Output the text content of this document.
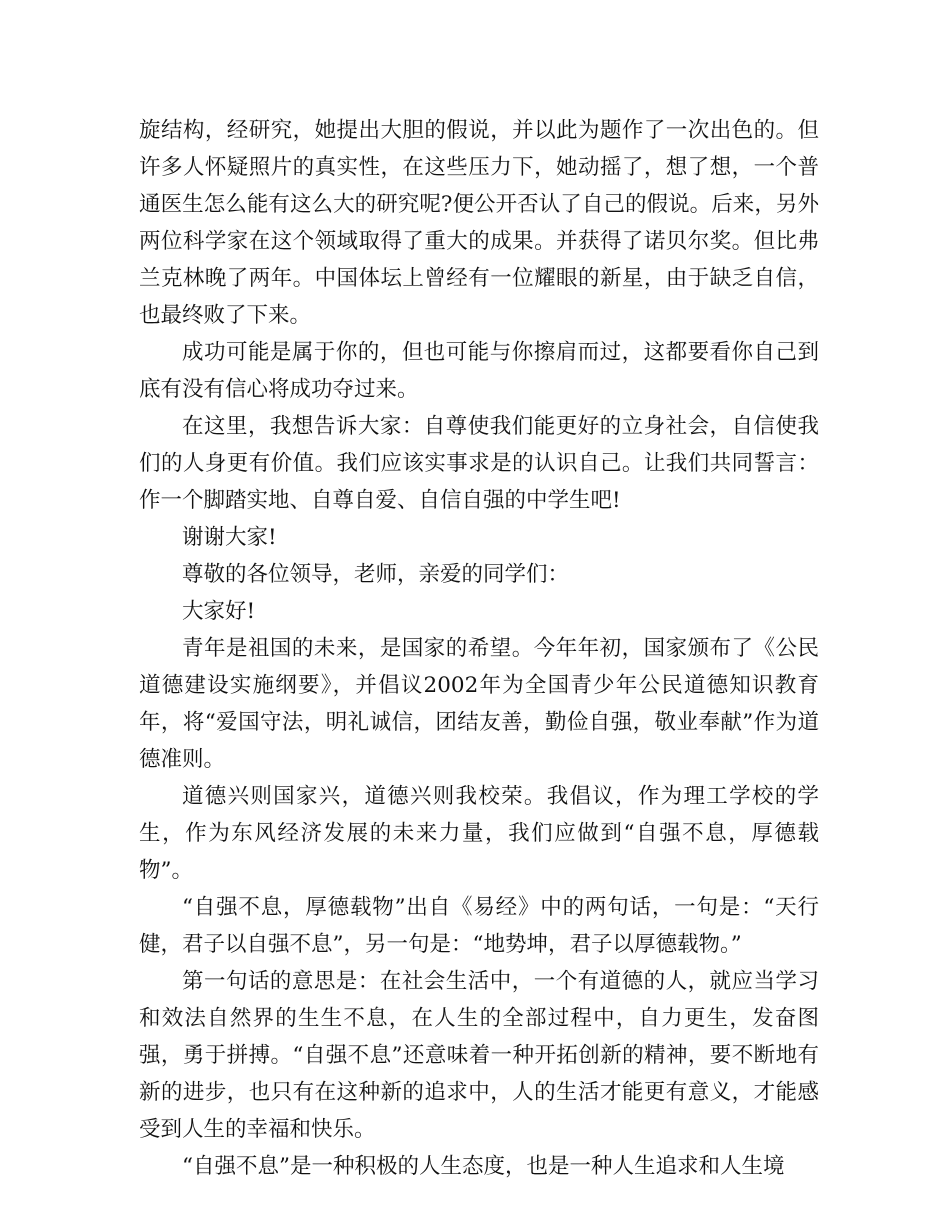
旋结构，经研究，她提出大胆的假说，并以此为题作了一次出色的。但许多人怀疑照片的真实性，在这些压力下，她动摇了，想了想，一个普通医生怎么能有这么大的研究呢?便公开否认了自己的假说。后来，另外两位科学家在这个领域取得了重大的成果。并获得了诺贝尔奖。但比弗兰克林晚了两年。中国体坛上曾经有一位耀眼的新星，由于缺乏自信，也最终败了下来。

成功可能是属于你的，但也可能与你擦肩而过，这都要看你自己到底有没有信心将成功夺过来。

在这里，我想告诉大家：自尊使我们能更好的立身社会，自信使我们的人身更有价值。我们应该实事求是的认识自己。让我们共同誓言：作一个脚踏实地、自尊自爱、自信自强的中学生吧!

谢谢大家!

尊敬的各位领导，老师，亲爱的同学们：

大家好!

青年是祖国的未来，是国家的希望。今年年初，国家颁布了《公民道德建设实施纲要》，并倡议2002年为全国青少年公民道德知识教育年，将“爱国守法，明礼诚信，团结友善，勤俭自强，敬业奉献”作为道德准则。

道德兴则国家兴，道德兴则我校荣。我倡议，作为理工学校的学生，作为东风经济发展的未来力量，我们应做到“自强不息，厚德载物”。

“自强不息，厚德载物”出自《易经》中的两句话，一句是：“天行健，君子以自强不息”，另一句是：“地势坤，君子以厚德载物。”

第一句话的意思是：在社会生活中，一个有道德的人，就应当学习和效法自然界的生生不息，在人生的全部过程中，自力更生，发奋图强，勇于拼搏。“自强不息”还意味着一种开拓创新的精神，要不断地有新的进步，也只有在这种新的追求中，人的生活才能更有意义，才能感受到人生的幸福和快乐。

“自强不息”是一种积极的人生态度，也是一种人生追求和人生境
